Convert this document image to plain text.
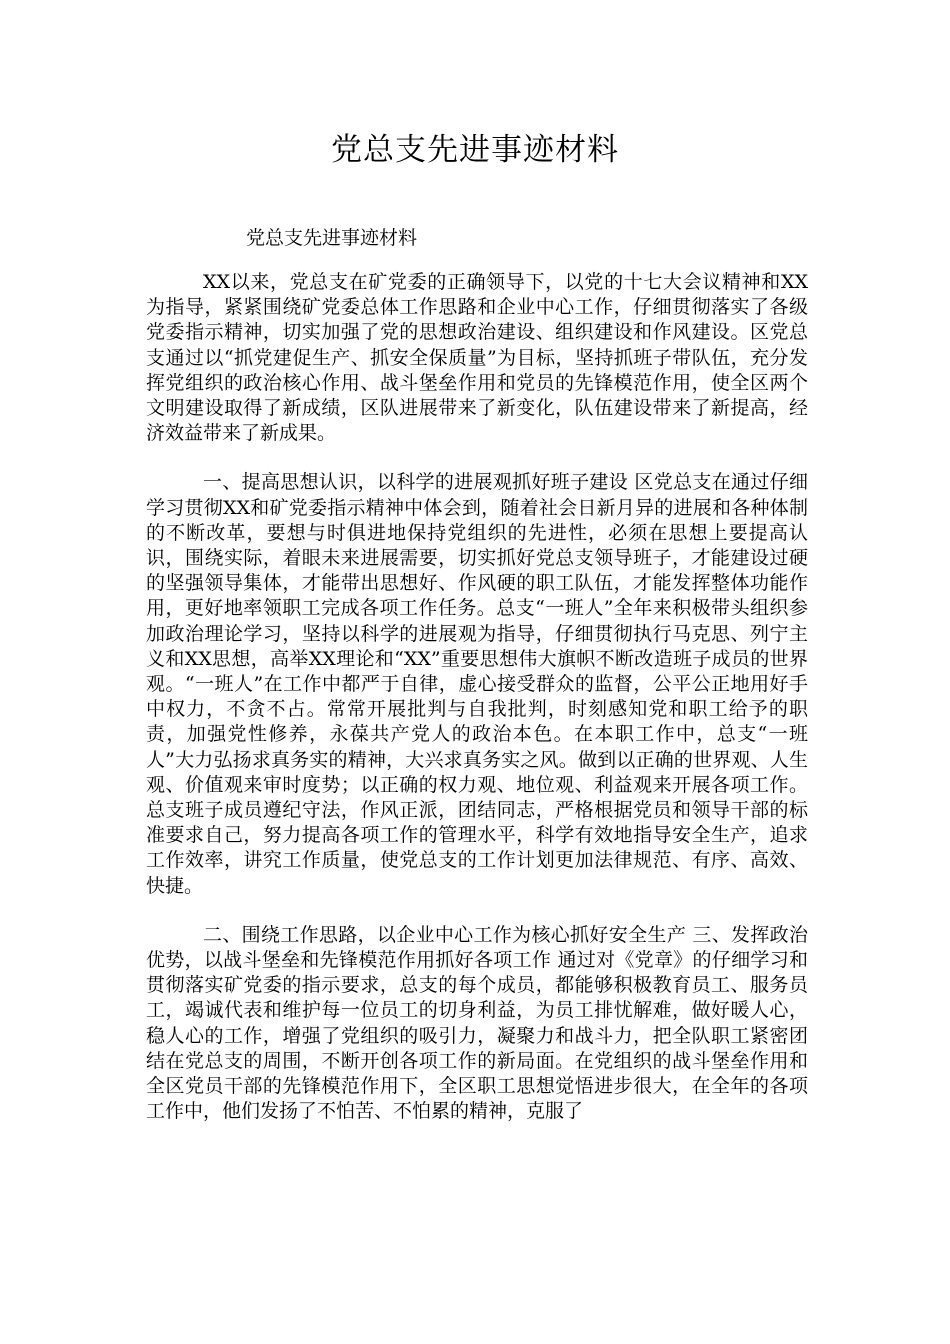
党总支先进事迹材料

党总支先进事迹材料

XX以来，党总支在矿党委的正确领导下，以党的十七大会议精神和XX为指导，紧紧围绕矿党委总体工作思路和企业中心工作，仔细贯彻落实了各级党委指示精神，切实加强了党的思想政治建设、组织建设和作风建设。区党总支通过以“抓党建促生产、抓安全保质量”为目标，坚持抓班子带队伍，充分发挥党组织的政治核心作用、战斗堡垒作用和党员的先锋模范作用，使全区两个文明建设取得了新成绩，区队进展带来了新变化，队伍建设带来了新提高，经济效益带来了新成果。

一、提高思想认识，以科学的进展观抓好班子建设 区党总支在通过仔细学习贯彻XX和矿党委指示精神中体会到，随着社会日新月异的进展和各种体制的不断改革，要想与时俱进地保持党组织的先进性，必须在思想上要提高认识，围绕实际，着眼未来进展需要，切实抓好党总支领导班子，才能建设过硬的坚强领导集体，才能带出思想好、作风硬的职工队伍，才能发挥整体功能作用，更好地率领职工完成各项工作任务。总支“一班人”全年来积极带头组织参加政治理论学习，坚持以科学的进展观为指导，仔细贯彻执行马克思、列宁主义和XX思想，高举XX理论和“XX”重要思想伟大旗帜不断改造班子成员的世界观。“一班人”在工作中都严于自律，虚心接受群众的监督，公平公正地用好手中权力，不贪不占。常常开展批判与自我批判，时刻感知党和职工给予的职责，加强党性修养，永葆共产党人的政治本色。在本职工作中，总支“一班人”大力弘扬求真务实的精神，大兴求真务实之风。做到以正确的世界观、人生观、价值观来审时度势；以正确的权力观、地位观、利益观来开展各项工作。总支班子成员遵纪守法，作风正派，团结同志，严格根据党员和领导干部的标准要求自己，努力提高各项工作的管理水平，科学有效地指导安全生产，追求工作效率，讲究工作质量，使党总支的工作计划更加法律规范、有序、高效、快捷。

二、围绕工作思路，以企业中心工作为核心抓好安全生产 三、发挥政治优势，以战斗堡垒和先锋模范作用抓好各项工作 通过对《党章》的仔细学习和贯彻落实矿党委的指示要求，总支的每个成员，都能够积极教育员工、服务员工，竭诚代表和维护每一位员工的切身利益，为员工排忧解难，做好暖人心，稳人心的工作，增强了党组织的吸引力，凝聚力和战斗力，把全队职工紧密团结在党总支的周围，不断开创各项工作的新局面。在党组织的战斗堡垒作用和全区党员干部的先锋模范作用下，全区职工思想觉悟进步很大，在全年的各项工作中，他们发扬了不怕苦、不怕累的精神，克服了
